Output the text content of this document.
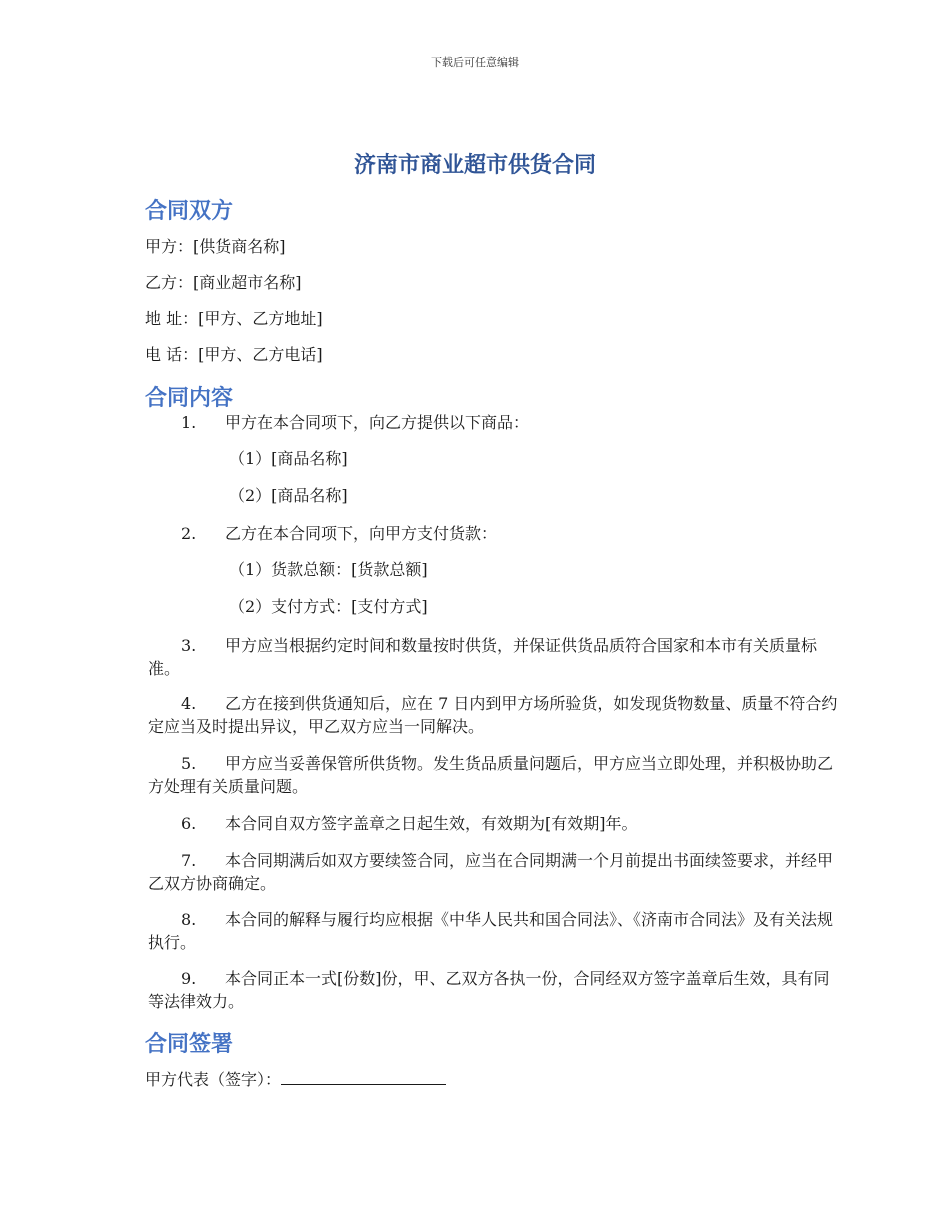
下载后可任意编辑
济南市商业超市供货合同
合同双方

甲方：[供货商名称]

乙方：[商业超市名称]

地 址：[甲方、乙方地址]

电 话：[甲方、乙方电话]

合同内容

1. 甲方在本合同项下，向乙方提供以下商品：

（1）[商品名称]

（2）[商品名称]

2. 乙方在本合同项下，向甲方支付货款：

（1）货款总额：[货款总额]

（2）支付方式：[支付方式]

3. 甲方应当根据约定时间和数量按时供货，并保证供货品质符合国家和本市有关质量标准。

4. 乙方在接到供货通知后，应在 7 日内到甲方场所验货，如发现货物数量、质量不符合约定应当及时提出异议，甲乙双方应当一同解决。

5. 甲方应当妥善保管所供货物。发生货品质量问题后，甲方应当立即处理，并积极协助乙方处理有关质量问题。

6. 本合同自双方签字盖章之日起生效，有效期为[有效期]年。

7. 本合同期满后如双方要续签合同，应当在合同期满一个月前提出书面续签要求，并经甲乙双方协商确定。

8. 本合同的解释与履行均应根据《中华人民共和国合同法》、《济南市合同法》及有关法规执行。

9. 本合同正本一式[份数]份，甲、乙双方各执一份，合同经双方签字盖章后生效，具有同等法律效力。

合同签署

甲方代表（签字）：
